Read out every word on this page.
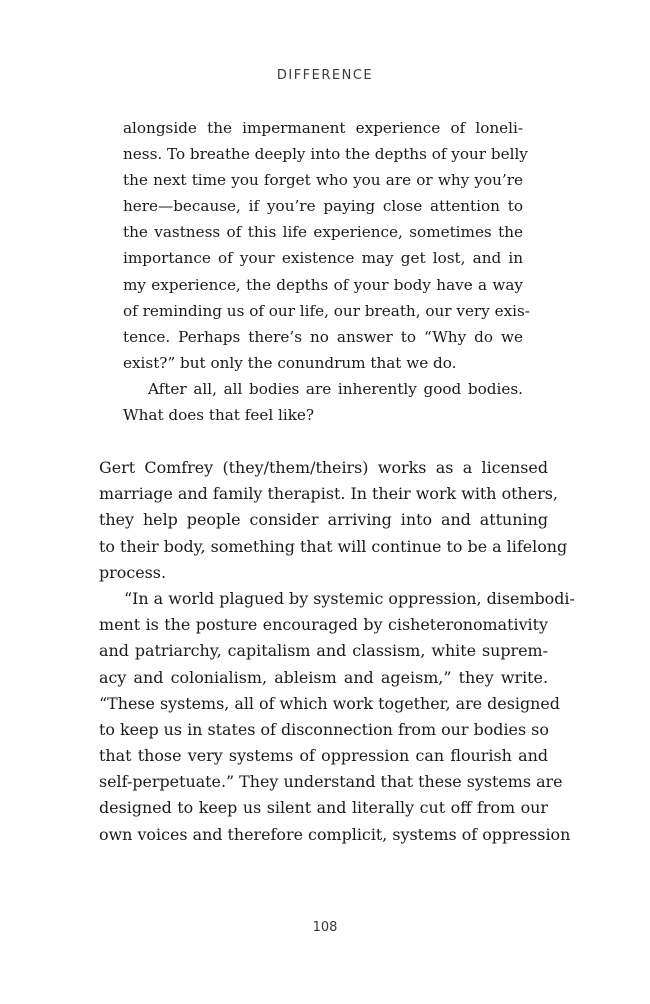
DIFFERENCE
alongside the impermanent experience of loneli-
ness. To breathe deeply into the depths of your belly
the next time you forget who you are or why you’re
here—because, if you’re paying close attention to
the vastness of this life experience, sometimes the
importance of your existence may get lost, and in
my experience, the depths of your body have a way
of reminding us of our life, our breath, our very exis-
tence. Perhaps there’s no answer to “Why do we
exist?” but only the conundrum that we do.
After all, all bodies are inherently good bodies.
What does that feel like?
Gert Comfrey (they/them/theirs) works as a licensed
marriage and family therapist. In their work with others,
they help people consider arriving into and attuning
to their body, something that will continue to be a lifelong
process.
“In a world plagued by systemic oppression, disembodi-
ment is the posture encouraged by cisheteronomativity
and patriarchy, capitalism and classism, white suprem-
acy and colonialism, ableism and ageism,” they write.
“These systems, all of which work together, are designed
to keep us in states of disconnection from our bodies so
that those very systems of oppression can flourish and
self-perpetuate.” They understand that these systems are
designed to keep us silent and literally cut off from our
own voices and therefore complicit, systems of oppression
108
